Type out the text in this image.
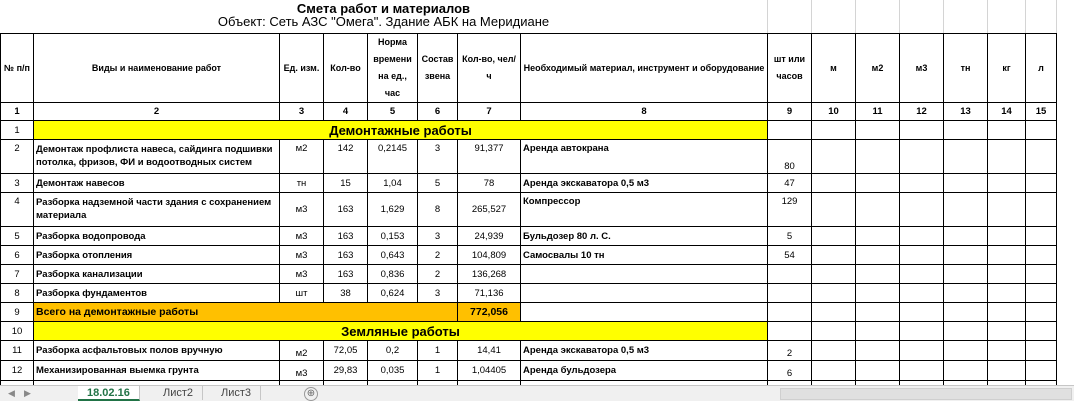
Смета работ и материалов
Объект: Сеть АЗС "Омега". Здание АБК на Меридиане
№ п/п	Виды и наименование работ	Ед. изм.	Кол-во	Норма времени на ед., час	Состав звена	Кол-во, чел/ч	Необходимый материал, инструмент и оборудование	шт или часов	м	м2	м3	тн	кг	л
1	2	3	4	5	6	7	8	9	10	11	12	13	14	15
1	Демонтажные работы													
2	Демонтаж профлиста навеса, сайдинга подшивки потолка, фризов, ФИ и водоотводных систем	м2	142	0,2145	3	91,377	Аренда автокрана	80						
3	Демонтаж навесов	тн	15	1,04	5	78	Аренда экскаватора 0,5 м3	47						
4	Разборка надземной части здания с сохранением материала	м3	163	1,629	8	265,527	Компрессор	129						
5	Разборка водопровода	м3	163	0,153	3	24,939	Бульдозер 80 л. С.	5						
6	Разборка отопления	м3	163	0,643	2	104,809	Самосвалы 10 тн	54						
7	Разборка канализации	м3	163	0,836	2	136,268								
8	Разборка фундаментов	шт	38	0,624	3	71,136								
9	Всего на демонтажные работы					772,056								
10	Земляные работы													
11	Разборка асфальтовых полов вручную	м2	72,05	0,2	1	14,41	Аренда экскаватора 0,5 м3	2						
12	Механизированная выемка грунта	м3	29,83	0,035	1	1,04405	Аренда бульдозера	6						

◀ ▶	18.02.16	Лист2	Лист3	⊕
